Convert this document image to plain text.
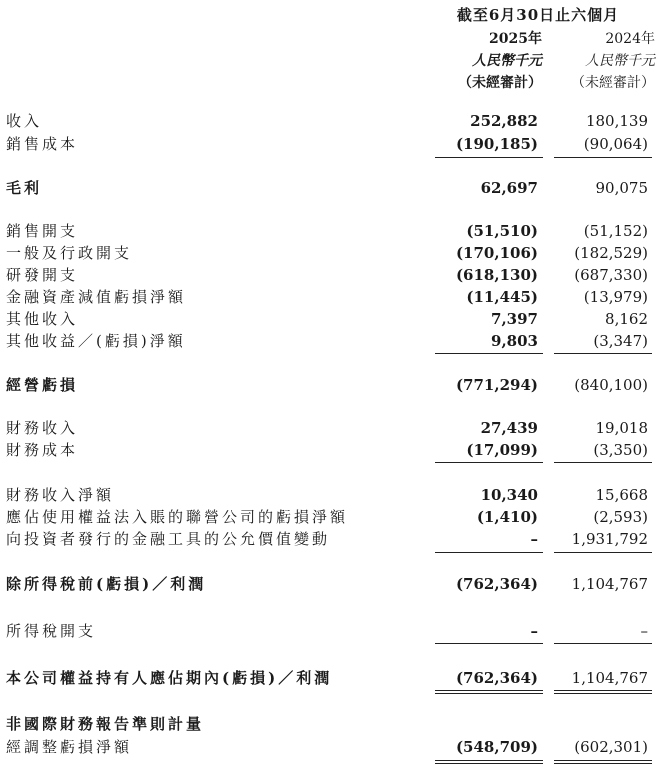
截至6月30日止六個月
2025年	2024年
人民幣千元	人民幣千元
（未經審計）	（未經審計）
收入	252,882	180,139
銷售成本	(190,185)	(90,064)
毛利	62,697	90,075
銷售開支	(51,510)	(51,152)
一般及行政開支	(170,106)	(182,529)
研發開支	(618,130)	(687,330)
金融資產減值虧損淨額	(11,445)	(13,979)
其他收入	7,397	8,162
其他收益／(虧損)淨額	9,803	(3,347)
經營虧損	(771,294)	(840,100)
財務收入	27,439	19,018
財務成本	(17,099)	(3,350)
財務收入淨額	10,340	15,668
應佔使用權益法入賬的聯營公司的虧損淨額	(1,410)	(2,593)
向投資者發行的金融工具的公允價值變動	–	1,931,792
除所得稅前(虧損)／利潤	(762,364)	1,104,767
所得稅開支	–	–
本公司權益持有人應佔期內(虧損)／利潤	(762,364)	1,104,767
非國際財務報告準則計量
經調整虧損淨額	(548,709)	(602,301)
